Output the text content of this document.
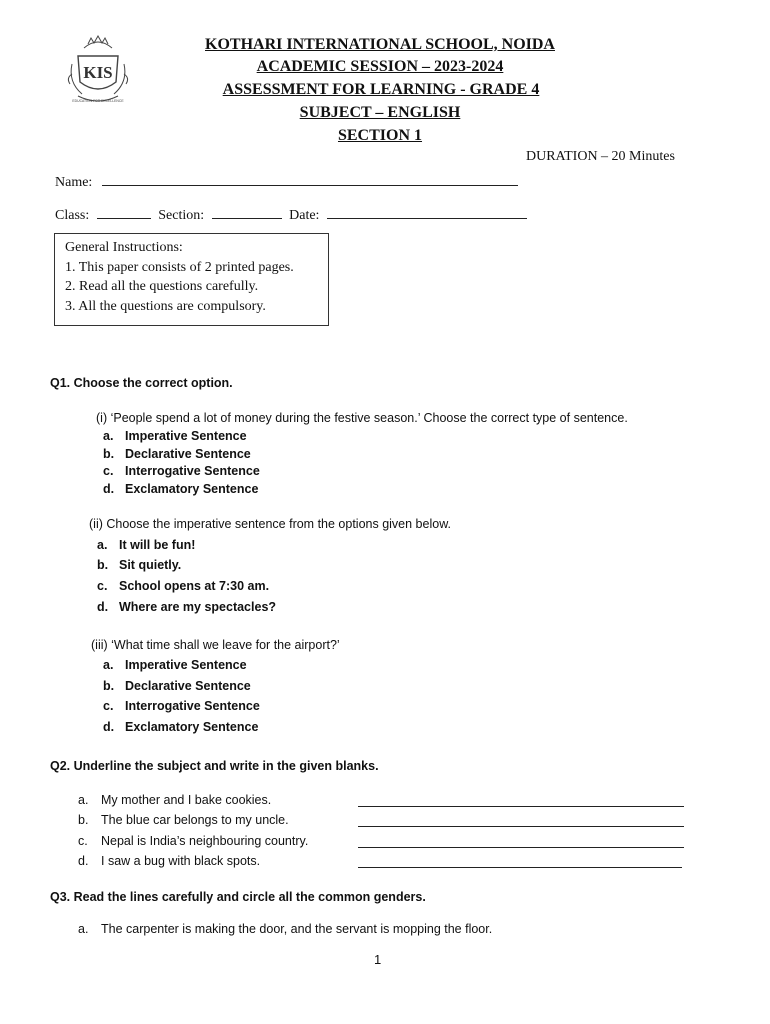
KIS
EDUCATION FOR EXCELLENCE
KOTHARI INTERNATIONAL SCHOOL, NOIDA
ACADEMIC SESSION – 2023-2024
ASSESSMENT FOR LEARNING - GRADE 4
SUBJECT – ENGLISH
SECTION 1
DURATION – 20 Minutes
Name:
Class:	Section:	Date:
General Instructions:
1. This paper consists of 2 printed pages.
2. Read all the questions carefully.
3. All the questions are compulsory.
Q1. Choose the correct option.
(i) ‘People spend a lot of money during the festive season.’ Choose the correct type of sentence.
a. Imperative Sentence
b. Declarative Sentence
c. Interrogative Sentence
d. Exclamatory Sentence
(ii) Choose the imperative sentence from the options given below.
a. It will be fun!
b. Sit quietly.
c. School opens at 7:30 am.
d. Where are my spectacles?
(iii) ‘What time shall we leave for the airport?’
a. Imperative Sentence
b. Declarative Sentence
c. Interrogative Sentence
d. Exclamatory Sentence
Q2. Underline the subject and write in the given blanks.
a. My mother and I bake cookies.
b. The blue car belongs to my uncle.
c. Nepal is India’s neighbouring country.
d. I saw a bug with black spots.
Q3. Read the lines carefully and circle all the common genders.
a. The carpenter is making the door, and the servant is mopping the floor.
1
